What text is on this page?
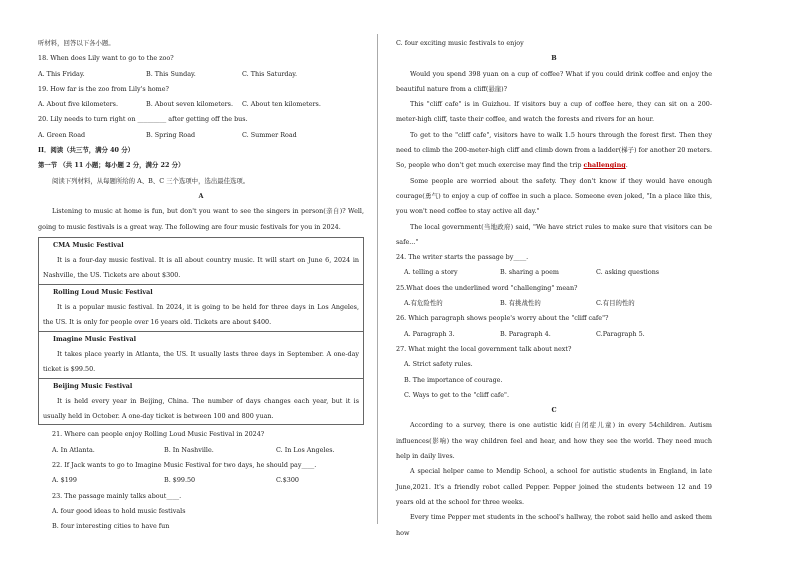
听材料，回答以下各小题。
18. When does Lily want to go to the zoo?
A. This Friday.	B. This Sunday.	C. This Saturday.
19. How far is the zoo from Lily's home?
A. About five kilometers.	B. About seven kilometers.	C. About ten kilometers.
20. Lily needs to turn right on _________ after getting off the bus.
A. Green Road	B. Spring Road	C. Summer Road
II．阅读（共三节，满分 40 分）
第一节 （共 11 小题；每小题 2 分，满分 22 分）
阅读下列材料，从每题所给的 A、B、C 三个选项中，选出最佳选项。
A
Listening to music at home is fun, but don't you want to see the singers in person(亲自)? Well, going to music festivals is a great way. The following are four music festivals for you in 2024.
CMA Music Festival
It is a four-day music festival. It is all about country music. It will start on June 6, 2024 in Nashville, the US. Tickets are about $300.
Rolling Loud Music Festival
It is a popular music festival. In 2024, it is going to be held for three days in Los Angeles, the US. It is only for people over 16 years old. Tickets are about $400.
Imagine Music Festival
It takes place yearly in Atlanta, the US. It usually lasts three days in September. A one-day ticket is $99.50.
Beijing Music Festival
It is held every year in Beijing, China. The number of days changes each year, but it is usually held in October. A one-day ticket is between 100 and 800 yuan.
21. Where can people enjoy Rolling Loud Music Festival in 2024?
A. In Atlanta.	B. In Nashville.	C. In Los Angeles.
22. If Jack wants to go to Imagine Music Festival for two days, he should pay____.
A. $199	B. $99.50	C.$300
23. The passage mainly talks about____.
A. four good ideas to hold music festivals
B. four interesting cities to have fun
C. four exciting music festivals to enjoy
B
Would you spend 398 yuan on a cup of coffee? What if you could drink coffee and enjoy the beautiful nature from a cliff(悬崖)?
This "cliff cafe" is in Guizhou. If visitors buy a cup of coffee here, they can sit on a 200-meter-high cliff, taste their coffee, and watch the forests and rivers for an hour.
To get to the "cliff cafe", visitors have to walk 1.5 hours through the forest first. Then they need to climb the 200-meter-high cliff and climb down from a ladder(梯子) for another 20 meters. So, people who don't get much exercise may find the trip challenging.
Some people are worried about the safety. They don't know if they would have enough courage(勇气) to enjoy a cup of coffee in such a place. Someone even joked, "In a place like this, you won't need coffee to stay active all day."
The local government(当地政府) said, "We have strict rules to make sure that visitors can be safe..."
24. The writer starts the passage by____.
A. telling a story	B. sharing a poem	C. asking questions
25.What does the underlined word "challenging" mean?
A.有危险性的	B. 有挑战性的	C.有目的性的
26. Which paragraph shows people's worry about the "cliff cafe"?
A. Paragraph 3.	B. Paragraph 4.	C.Paragraph 5.
27. What might the local government talk about next?
A. Strict safety rules.
B. The importance of courage.
C. Ways to get to the "cliff cafe".
C
According to a survey, there is one autistic kid(自闭症儿童) in every 54children. Autism influences(影响) the way children feel and hear, and how they see the world. They need much help in daily lives.
A special helper came to Mendip School, a school for autistic students in England, in late June,2021. It's a friendly robot called Pepper. Pepper joined the students between 12 and 19 years old at the school for three weeks.
Every time Pepper met students in the school's hallway, the robot said hello and asked them how
